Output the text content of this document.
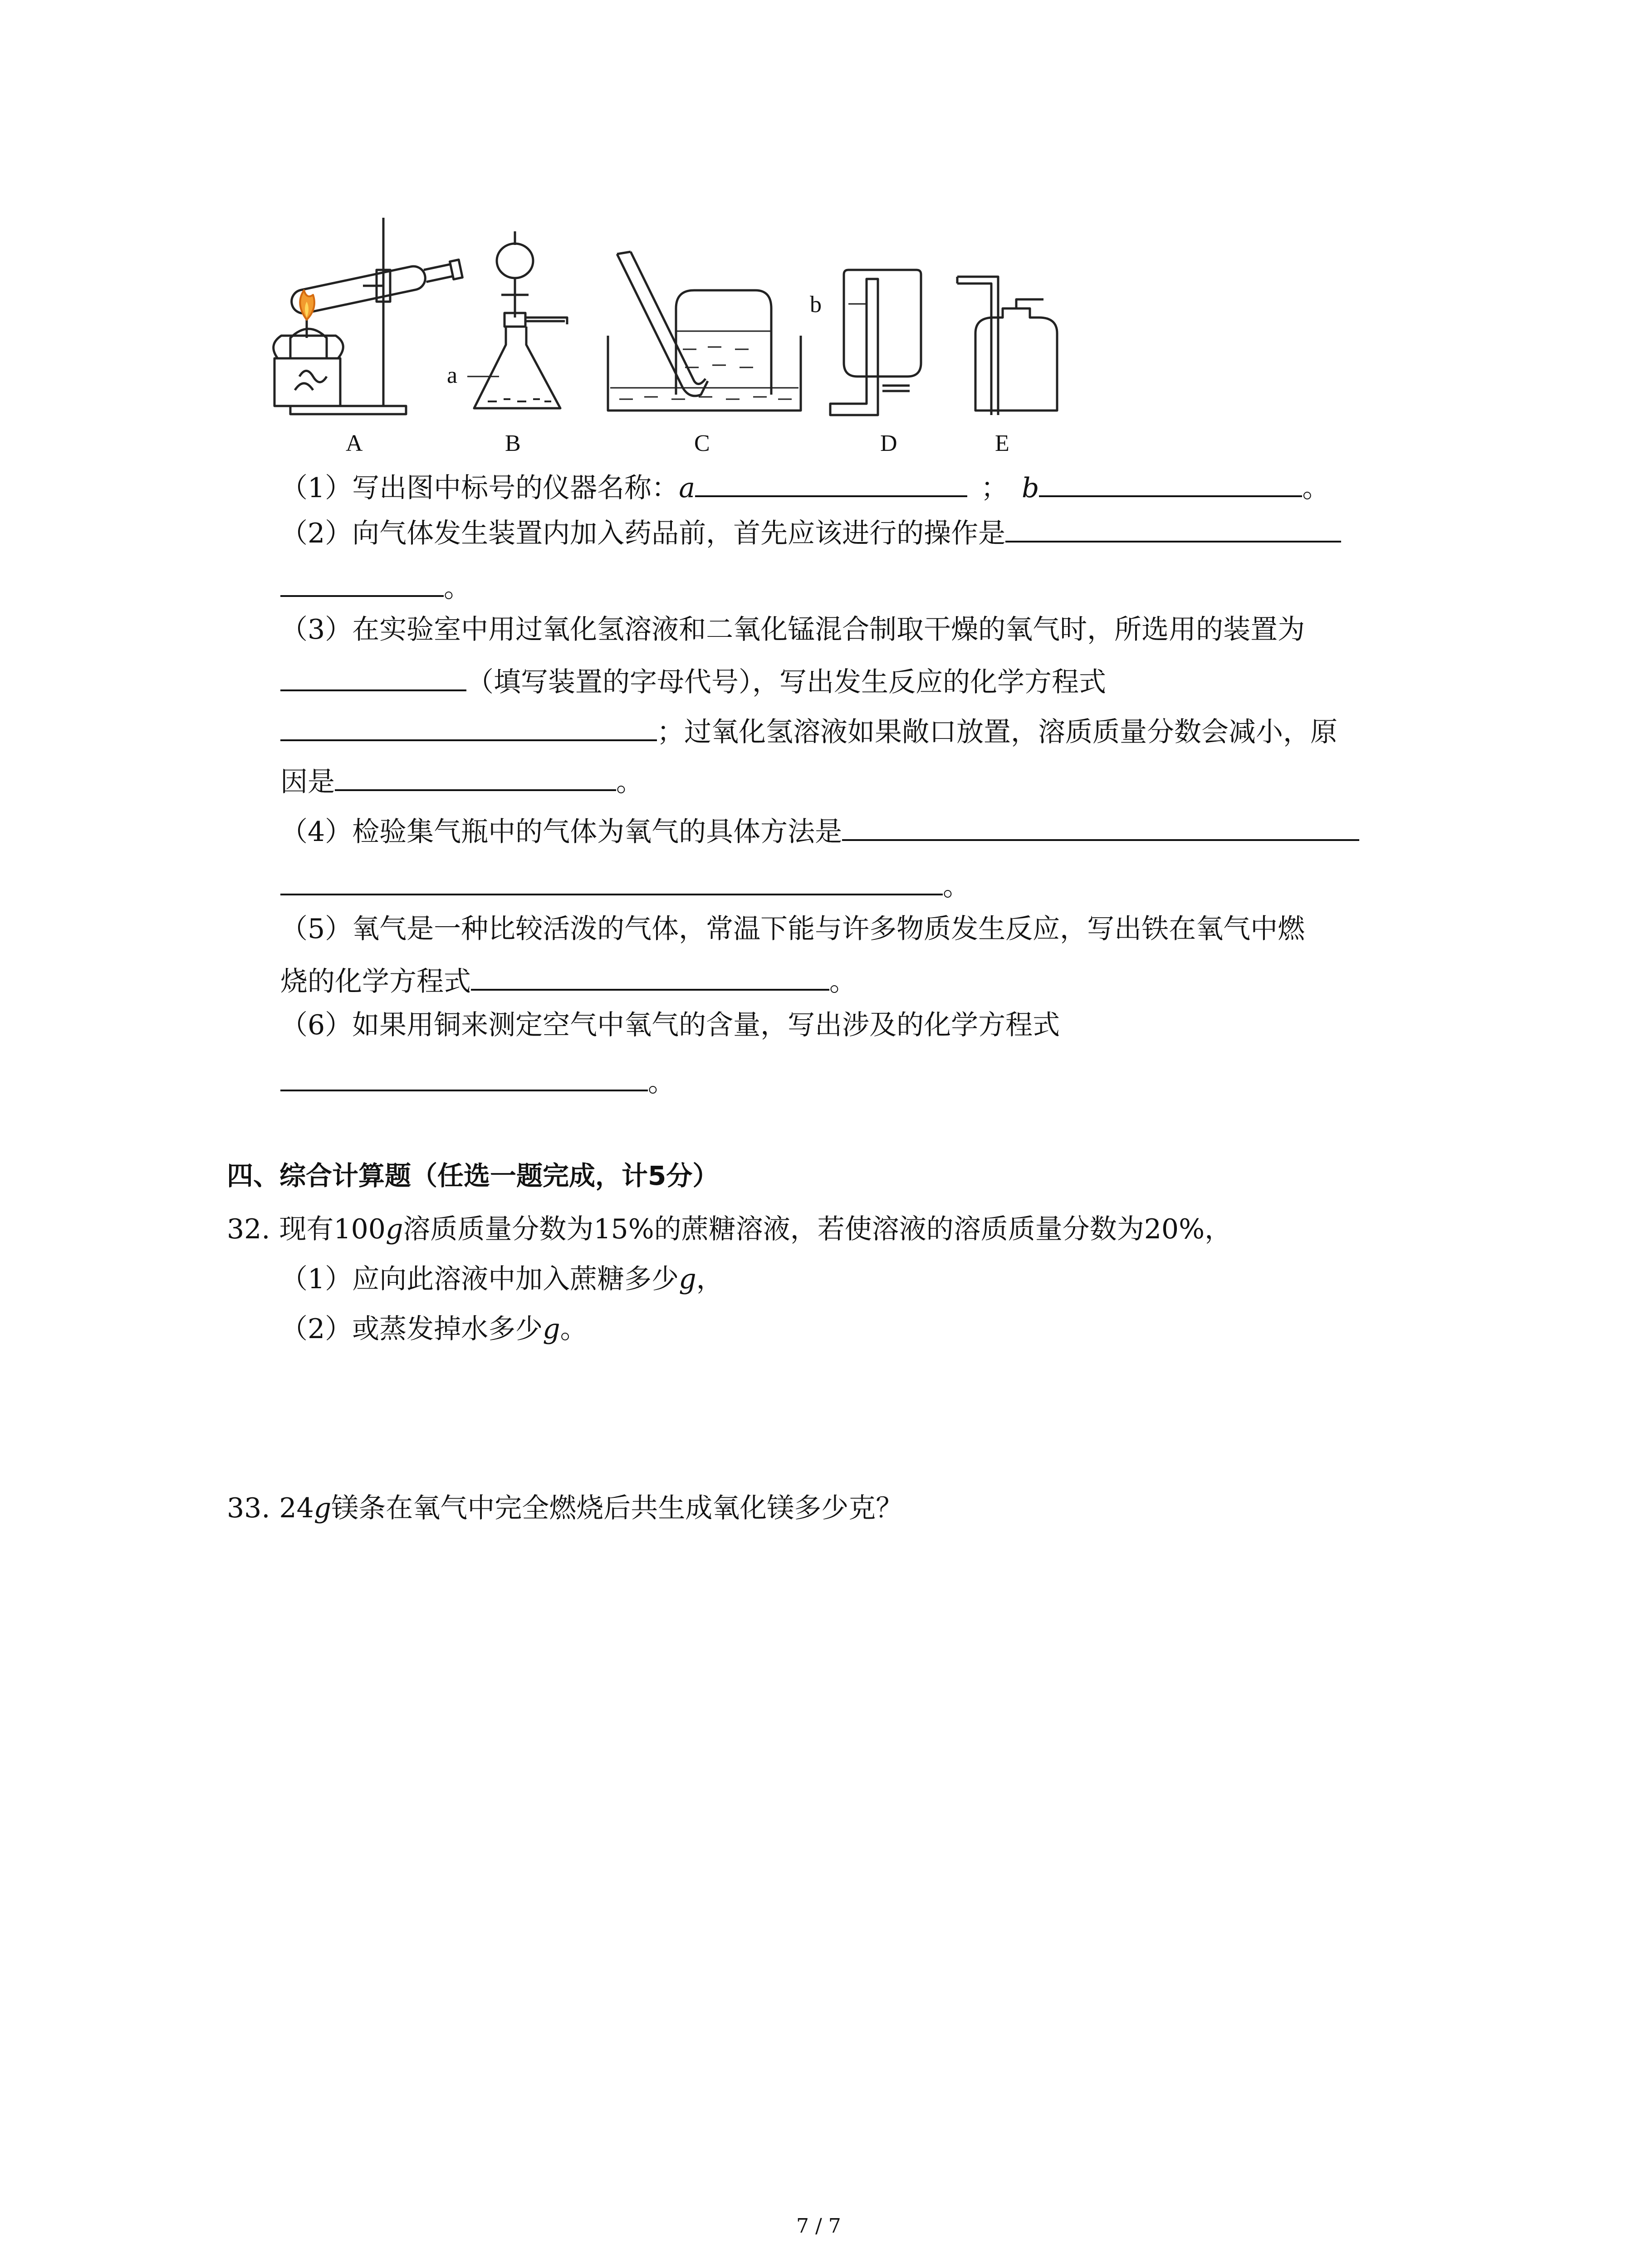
a
b
A	B	C	D	E
（1）写出图中标号的仪器名称：a	； b	。
（2）向气体发生装置内加入药品前，首先应该进行的操作是
。
（3）在实验室中用过氧化氢溶液和二氧化锰混合制取干燥的氧气时，所选用的装置为
（填写装置的字母代号），写出发生反应的化学方程式
；过氧化氢溶液如果敞口放置，溶质质量分数会减小，原
因是	。
（4）检验集气瓶中的气体为氧气的具体方法是
。
（5）氧气是一种比较活泼的气体，常温下能与许多物质发生反应，写出铁在氧气中燃
烧的化学方程式	。
（6）如果用铜来测定空气中氧气的含量，写出涉及的化学方程式
。
四、综合计算题（任选一题完成，计5分）
32. 现有100g溶质质量分数为15%的蔗糖溶液，若使溶液的溶质质量分数为20%，
（1）应向此溶液中加入蔗糖多少g，
（2）或蒸发掉水多少g。
33. 24g镁条在氧气中完全燃烧后共生成氧化镁多少克？
7 / 7
